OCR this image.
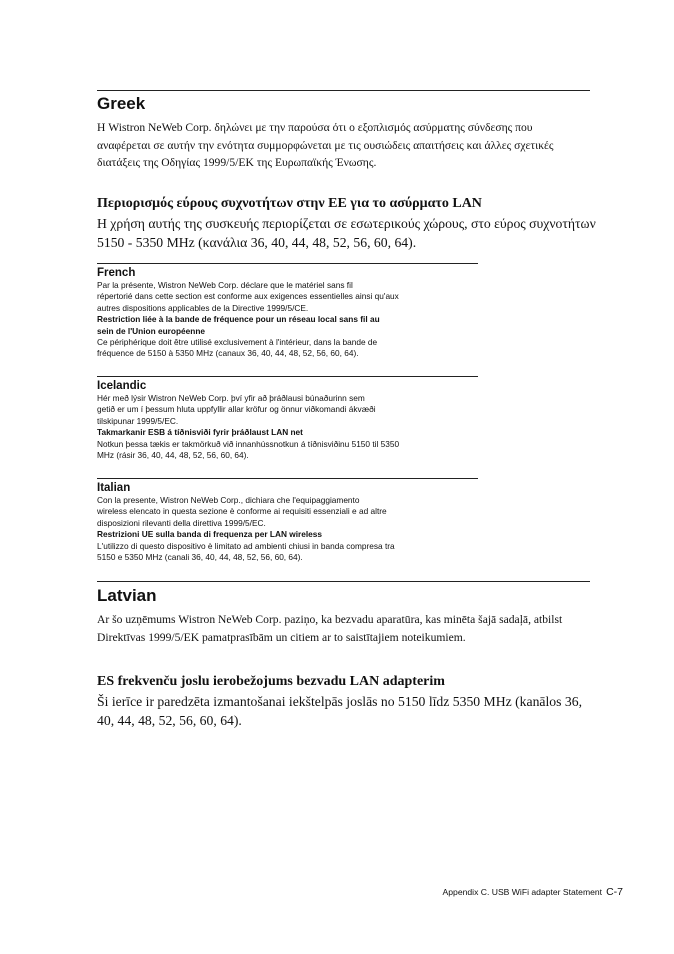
Greek

Η Wistron NeWeb Corp. δηλώνει με την παρούσα ότι ο εξοπλισμός ασύρματης σύνδεσης που αναφέρεται σε αυτήν την ενότητα συμμορφώνεται με τις ουσιώδεις απαιτήσεις και άλλες σχετικές διατάξεις της Οδηγίας 1999/5/ΕΚ της Ευρωπαϊκής Ένωσης.

Περιορισμός εύρους συχνοτήτων στην ΕΕ για το ασύρματο LAN

Η χρήση αυτής της συσκευής περιορίζεται σε εσωτερικούς χώρους, στο εύρος συχνοτήτων 5150 - 5350 MHz (κανάλια 36, 40, 44, 48, 52, 56, 60, 64).

French
Par la présente, Wistron NeWeb Corp. déclare que le matériel sans fil
répertorié dans cette section est conforme aux exigences essentielles ainsi qu'aux
autres dispositions applicables de la Directive 1999/5/CE.
Restriction liée à la bande de fréquence pour un réseau local sans fil au
sein de l'Union européenne
Ce périphérique doit être utilisé exclusivement à l'intérieur, dans la bande de
fréquence de 5150 à 5350 MHz (canaux 36, 40, 44, 48, 52, 56, 60, 64).
Icelandic
Hér með lýsir Wistron NeWeb Corp. því yfir að þráðlausi búnaðurinn sem
getið er um í þessum hluta uppfyllir allar kröfur og önnur viðkomandi ákvæði
tilskipunar 1999/5/EC.
Takmarkanir ESB á tíðnisviði fyrir þráðlaust LAN net
Notkun þessa tækis er takmörkuð við innanhússnotkun á tíðnisviðinu 5150 til 5350
MHz (rásir 36, 40, 44, 48, 52, 56, 60, 64).
Italian
Con la presente, Wistron NeWeb Corp., dichiara che l'equipaggiamento
wireless elencato in questa sezione è conforme ai requisiti essenziali e ad altre
disposizioni rilevanti della direttiva 1999/5/EC.
Restrizioni UE sulla banda di frequenza per LAN wireless
L'utilizzo di questo dispositivo è limitato ad ambienti chiusi in banda compresa tra
5150 e 5350 MHz (canali 36, 40, 44, 48, 52, 56, 60, 64).
Latvian

Ar šo uzņēmums Wistron NeWeb Corp. paziņo, ka bezvadu aparatūra, kas minēta šajā sadaļā, atbilst Direktīvas 1999/5/EK pamatprasībām un citiem ar to saistītajiem noteikumiem.

ES frekvenču joslu ierobežojums bezvadu LAN adapterim

Ši ierīce ir paredzēta izmantošanai iekštelpās joslās no 5150 līdz 5350 MHz (kanālos 36, 40, 44, 48, 52, 56, 60, 64).

Appendix C. USB WiFi adapter Statement C-7
